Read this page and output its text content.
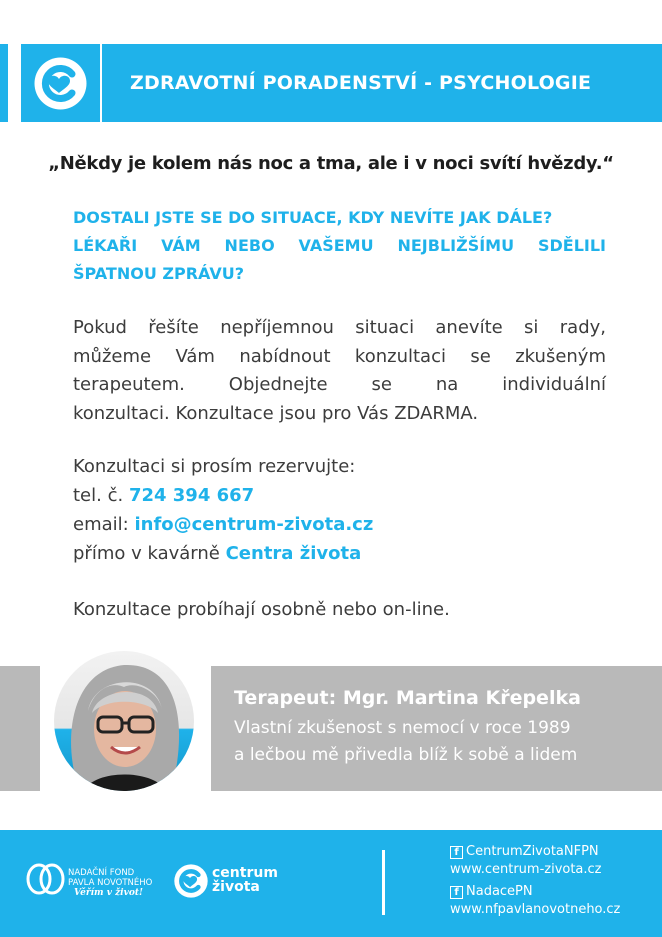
ZDRAVOTNÍ PORADENSTVÍ - PSYCHOLOGIE
„Někdy je kolem nás noc a tma, ale i v noci svítí hvězdy.“
DOSTALI JSTE SE DO SITUACE, KDY NEVÍTE JAK DÁLE?
LÉKAŘI VÁM NEBO VAŠEMU NEJBLIŽŠÍMU SDĚLILI
ŠPATNOU ZPRÁVU?
Pokud řešíte nepříjemnou situaci anevíte si rady,
můžeme Vám nabídnout konzultaci se zkušeným
terapeutem. Objednejte se na individuální
konzultaci. Konzultace jsou pro Vás ZDARMA.
Konzultaci si prosím rezervujte:
tel. č. 724 394 667
email: info@centrum-zivota.cz
přímo v kavárně Centra života
Konzultace probíhají osobně nebo on-line.
Terapeut: Mgr. Martina Křepelka
Vlastní zkušenost s nemocí v roce 1989
a lečbou mě přivedla blíž k sobě a lidem
NADAČNÍ FOND
PAVLA NOVOTNÉHO
Věřím v život!
centrum
života
f CentrumZivotaNFPN
www.centrum-zivota.cz
f NadacePN
www.nfpavlanovotneho.cz
